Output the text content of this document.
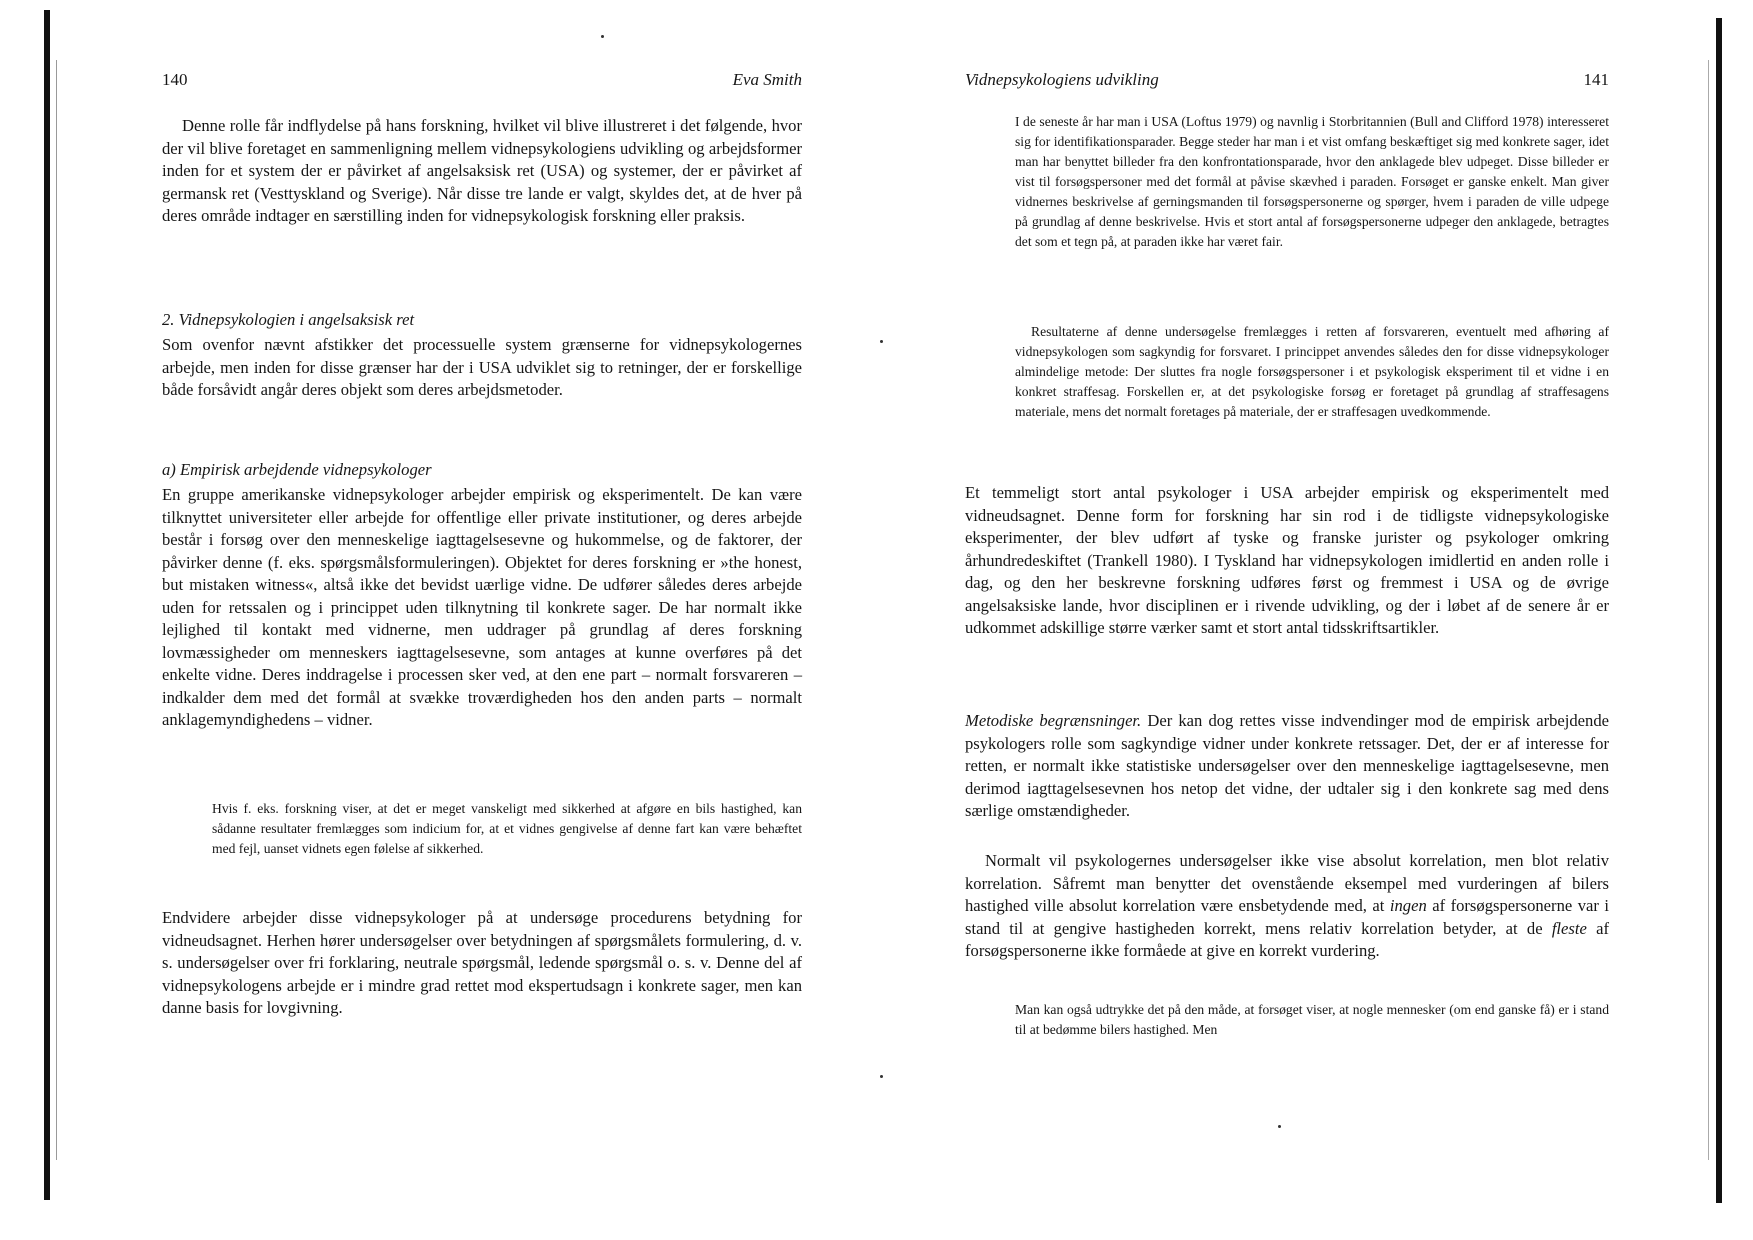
140	Eva Smith

Denne rolle får indflydelse på hans forskning, hvilket vil blive illustreret i det følgende, hvor der vil blive foretaget en sammenligning mellem vidnepsykologiens udvikling og arbejdsformer inden for et system der er påvirket af angelsaksisk ret (USA) og systemer, der er påvirket af germansk ret (Vesttyskland og Sverige). Når disse tre lande er valgt, skyldes det, at de hver på deres område indtager en særstilling inden for vidnepsykologisk forskning eller praksis.

2. Vidnepsykologien i angelsaksisk ret

Som ovenfor nævnt afstikker det processuelle system grænserne for vidnepsykologernes arbejde, men inden for disse grænser har der i USA udviklet sig to retninger, der er forskellige både forsåvidt angår deres objekt som deres arbejdsmetoder.

a) Empirisk arbejdende vidnepsykologer

En gruppe amerikanske vidnepsykologer arbejder empirisk og eksperimentelt. De kan være tilknyttet universiteter eller arbejde for offentlige eller private institutioner, og deres arbejde består i forsøg over den menneskelige iagttagelsesevne og hukommelse, og de faktorer, der påvirker denne (f. eks. spørgsmålsformuleringen). Objektet for deres forskning er »the honest, but mistaken witness«, altså ikke det bevidst uærlige vidne. De udfører således deres arbejde uden for retssalen og i princippet uden tilknytning til konkrete sager. De har normalt ikke lejlighed til kontakt med vidnerne, men uddrager på grundlag af deres forskning lovmæssigheder om menneskers iagttagelsesevne, som antages at kunne overføres på det enkelte vidne. Deres inddragelse i processen sker ved, at den ene part – normalt forsvareren – indkalder dem med det formål at svække troværdigheden hos den anden parts – normalt anklagemyndighedens – vidner.

Hvis f. eks. forskning viser, at det er meget vanskeligt med sikkerhed at afgøre en bils hastighed, kan sådanne resultater fremlægges som indicium for, at et vidnes gengivelse af denne fart kan være behæftet med fejl, uanset vidnets egen følelse af sikkerhed.

Endvidere arbejder disse vidnepsykologer på at undersøge procedurens betydning for vidneudsagnet. Herhen hører undersøgelser over betydningen af spørgsmålets formulering, d. v. s. undersøgelser over fri forklaring, neutrale spørgsmål, ledende spørgsmål o. s. v. Denne del af vidnepsykologens arbejde er i mindre grad rettet mod ekspertudsagn i konkrete sager, men kan danne basis for lovgivning.

Vidnepsykologiens udvikling	141

I de seneste år har man i USA (Loftus 1979) og navnlig i Storbritannien (Bull and Clifford 1978) interesseret sig for identifikationsparader. Begge steder har man i et vist omfang beskæftiget sig med konkrete sager, idet man har benyttet billeder fra den konfrontationsparade, hvor den anklagede blev udpeget. Disse billeder er vist til forsøgspersoner med det formål at påvise skævhed i paraden. Forsøget er ganske enkelt. Man giver vidnernes beskrivelse af gerningsmanden til forsøgspersonerne og spørger, hvem i paraden de ville udpege på grundlag af denne beskrivelse. Hvis et stort antal af forsøgspersonerne udpeger den anklagede, betragtes det som et tegn på, at paraden ikke har været fair.

Resultaterne af denne undersøgelse fremlægges i retten af forsvareren, eventuelt med afhøring af vidnepsykologen som sagkyndig for forsvaret. I princippet anvendes således den for disse vidnepsykologer almindelige metode: Der sluttes fra nogle forsøgspersoner i et psykologisk eksperiment til et vidne i en konkret straffesag. Forskellen er, at det psykologiske forsøg er foretaget på grundlag af straffesagens materiale, mens det normalt foretages på materiale, der er straffesagen uvedkommende.

Et temmeligt stort antal psykologer i USA arbejder empirisk og eksperimentelt med vidneudsagnet. Denne form for forskning har sin rod i de tidligste vidnepsykologiske eksperimenter, der blev udført af tyske og franske jurister og psykologer omkring århundredeskiftet (Trankell 1980). I Tyskland har vidnepsykologen imidlertid en anden rolle i dag, og den her beskrevne forskning udføres først og fremmest i USA og de øvrige angelsaksiske lande, hvor disciplinen er i rivende udvikling, og der i løbet af de senere år er udkommet adskillige større værker samt et stort antal tidsskriftsartikler.

Metodiske begrænsninger. Der kan dog rettes visse indvendinger mod de empirisk arbejdende psykologers rolle som sagkyndige vidner under konkrete retssager. Det, der er af interesse for retten, er normalt ikke statistiske undersøgelser over den menneskelige iagttagelsesevne, men derimod iagttagelsesevnen hos netop det vidne, der udtaler sig i den konkrete sag med dens særlige omstændigheder.

Normalt vil psykologernes undersøgelser ikke vise absolut korrelation, men blot relativ korrelation. Såfremt man benytter det ovenstående eksempel med vurderingen af bilers hastighed ville absolut korrelation være ensbetydende med, at ingen af forsøgspersonerne var i stand til at gengive hastigheden korrekt, mens relativ korrelation betyder, at de fleste af forsøgspersonerne ikke formåede at give en korrekt vurdering.

Man kan også udtrykke det på den måde, at forsøget viser, at nogle mennesker (om end ganske få) er i stand til at bedømme bilers hastighed. Men
